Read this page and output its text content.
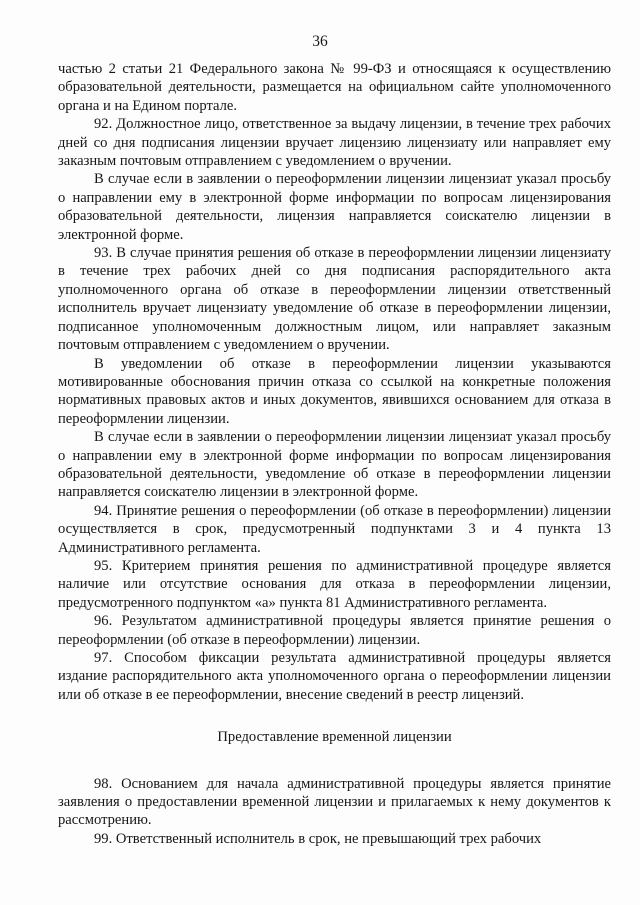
36

частью 2 статьи 21 Федерального закона № 99-ФЗ и относящаяся к осуществлению образовательной деятельности, размещается на официальном сайте уполномоченного органа и на Едином портале.

92. Должностное лицо, ответственное за выдачу лицензии, в течение трех рабочих дней со дня подписания лицензии вручает лицензию лицензиату или направляет ему заказным почтовым отправлением с уведомлением о вручении.

В случае если в заявлении о переоформлении лицензии лицензиат указал просьбу о направлении ему в электронной форме информации по вопросам лицензирования образовательной деятельности, лицензия направляется соискателю лицензии в электронной форме.

93. В случае принятия решения об отказе в переоформлении лицензии лицензиату в течение трех рабочих дней со дня подписания распорядительного акта уполномоченного органа об отказе в переоформлении лицензии ответственный исполнитель вручает лицензиату уведомление об отказе в переоформлении лицензии, подписанное уполномоченным должностным лицом, или направляет заказным почтовым отправлением с уведомлением о вручении.

В уведомлении об отказе в переоформлении лицензии указываются мотивированные обоснования причин отказа со ссылкой на конкретные положения нормативных правовых актов и иных документов, явившихся основанием для отказа в переоформлении лицензии.

В случае если в заявлении о переоформлении лицензии лицензиат указал просьбу о направлении ему в электронной форме информации по вопросам лицензирования образовательной деятельности, уведомление об отказе в переоформлении лицензии направляется соискателю лицензии в электронной форме.

94. Принятие решения о переоформлении (об отказе в переоформлении) лицензии осуществляется в срок, предусмотренный подпунктами 3 и 4 пункта 13 Административного регламента.

95. Критерием принятия решения по административной процедуре является наличие или отсутствие основания для отказа в переоформлении лицензии, предусмотренного подпунктом «а» пункта 81 Административного регламента.

96. Результатом административной процедуры является принятие решения о переоформлении (об отказе в переоформлении) лицензии.

97. Способом фиксации результата административной процедуры является издание распорядительного акта уполномоченного органа о переоформлении лицензии или об отказе в ее переоформлении, внесение сведений в реестр лицензий.

Предоставление временной лицензии

98. Основанием для начала административной процедуры является принятие заявления о предоставлении временной лицензии и прилагаемых к нему документов к рассмотрению.

99. Ответственный исполнитель в срок, не превышающий трех рабочих
